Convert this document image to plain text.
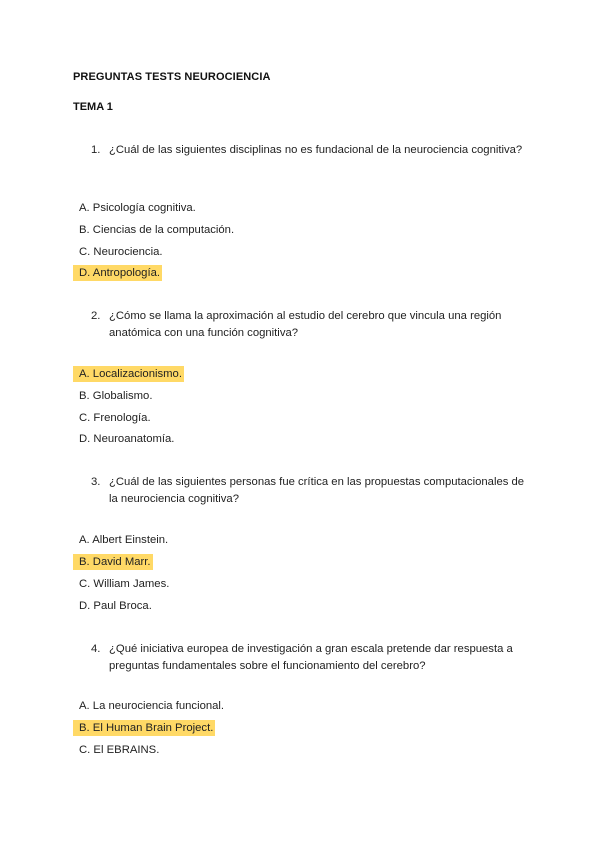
PREGUNTAS TESTS NEUROCIENCIA
TEMA 1
1. ¿Cuál de las siguientes disciplinas no es fundacional de la neurociencia cognitiva?
A. Psicología cognitiva.
B. Ciencias de la computación.
C. Neurociencia.
D. Antropología.
2. ¿Cómo se llama la aproximación al estudio del cerebro que vincula una región anatómica con una función cognitiva?
A. Localizacionismo.
B. Globalismo.
C. Frenología.
D. Neuroanatomía.
3. ¿Cuál de las siguientes personas fue crítica en las propuestas computacionales de la neurociencia cognitiva?
A. Albert Einstein.
B. David Marr.
C. William James.
D. Paul Broca.
4. ¿Qué iniciativa europea de investigación a gran escala pretende dar respuesta a preguntas fundamentales sobre el funcionamiento del cerebro?
A. La neurociencia funcional.
B. El Human Brain Project.
C. El EBRAINS.
